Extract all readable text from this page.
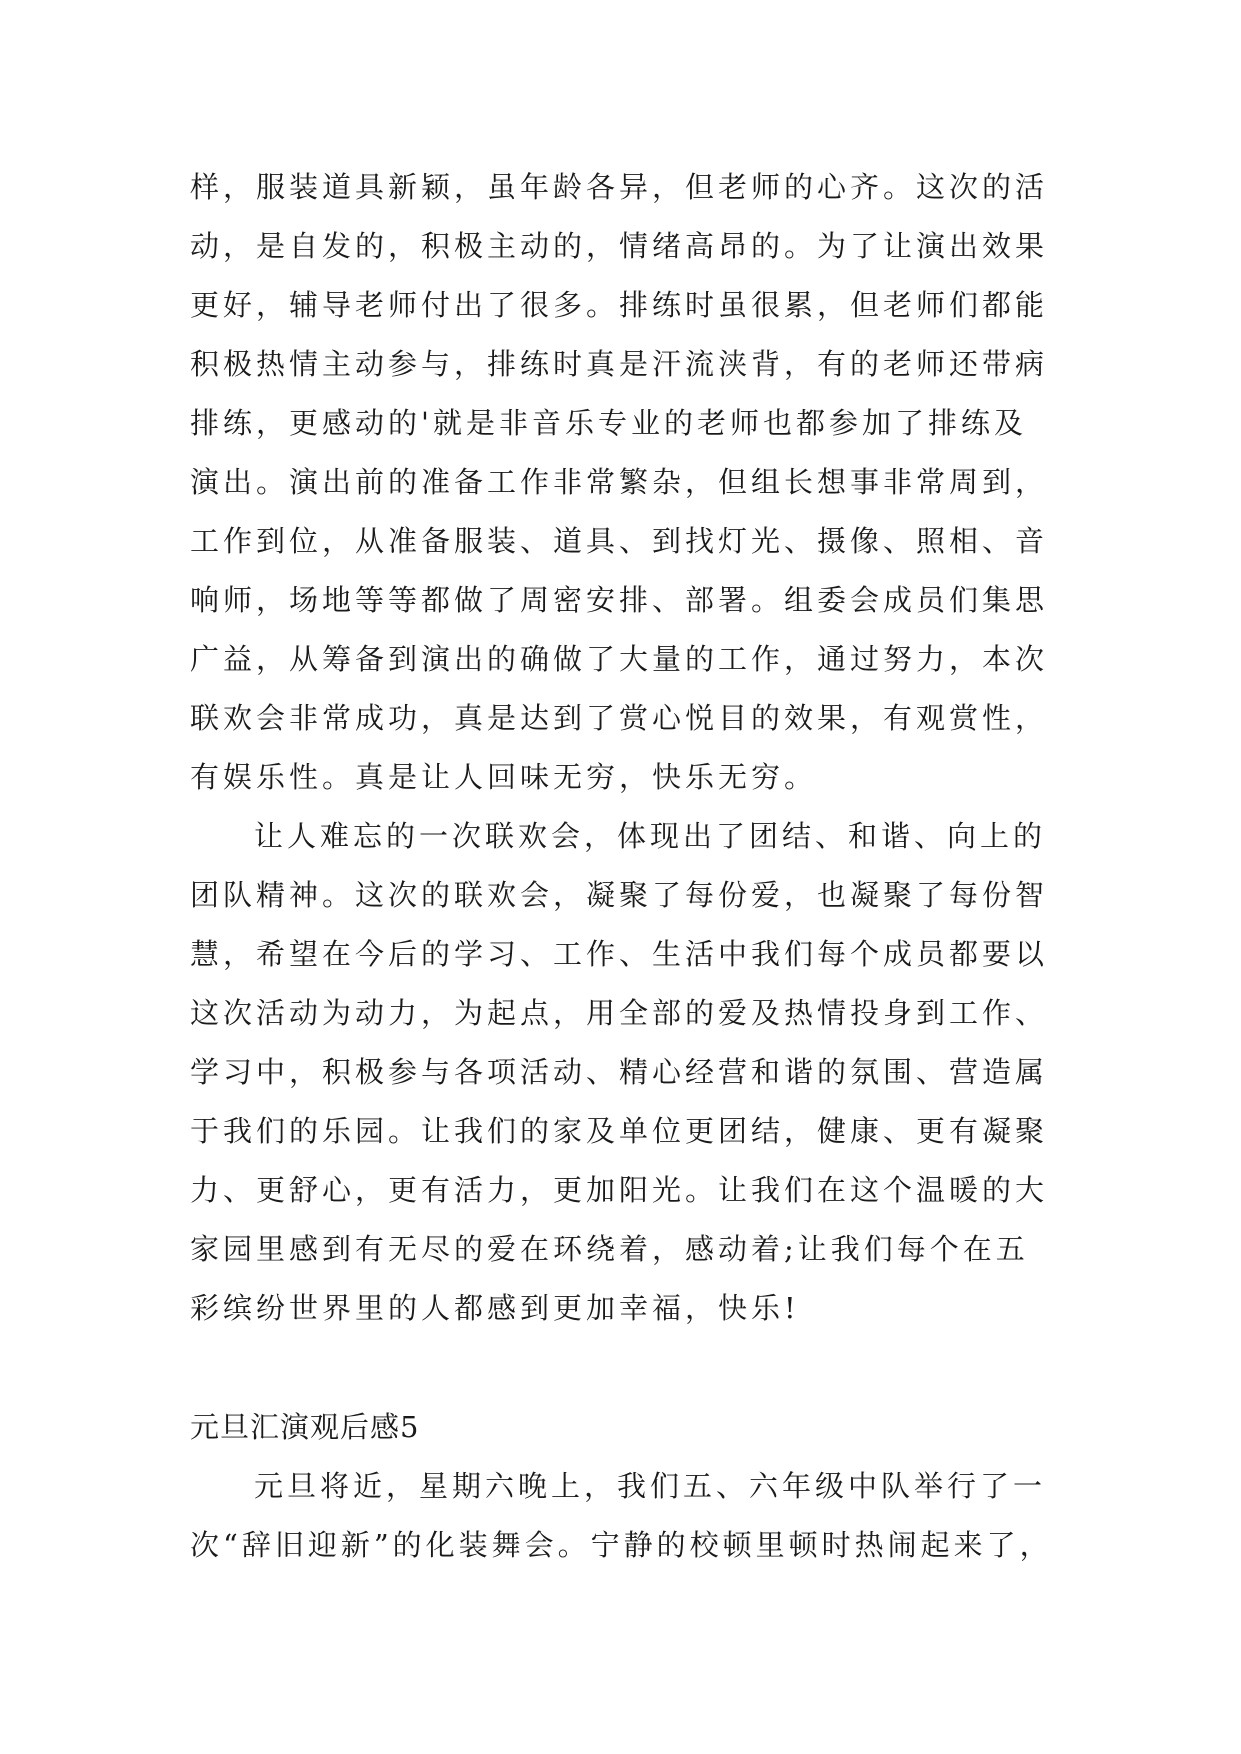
样，服装道具新颖，虽年龄各异，但老师的心齐。这次的活
动，是自发的，积极主动的，情绪高昂的。为了让演出效果
更好，辅导老师付出了很多。排练时虽很累，但老师们都能
积极热情主动参与，排练时真是汗流浃背，有的老师还带病
排练，更感动的'就是非音乐专业的老师也都参加了排练及
演出。演出前的准备工作非常繁杂，但组长想事非常周到，
工作到位，从准备服装、道具、到找灯光、摄像、照相、音
响师，场地等等都做了周密安排、部署。组委会成员们集思
广益，从筹备到演出的确做了大量的工作，通过努力，本次
联欢会非常成功，真是达到了赏心悦目的效果，有观赏性，
有娱乐性。真是让人回味无穷，快乐无穷。
让人难忘的一次联欢会，体现出了团结、和谐、向上的
团队精神。这次的联欢会，凝聚了每份爱，也凝聚了每份智
慧，希望在今后的学习、工作、生活中我们每个成员都要以
这次活动为动力，为起点，用全部的爱及热情投身到工作、
学习中，积极参与各项活动、精心经营和谐的氛围、营造属
于我们的乐园。让我们的家及单位更团结，健康、更有凝聚
力、更舒心，更有活力，更加阳光。让我们在这个温暖的大
家园里感到有无尽的爱在环绕着，感动着;让我们每个在五
彩缤纷世界里的人都感到更加幸福，快乐!
元旦汇演观后感5
元旦将近，星期六晚上，我们五、六年级中队举行了一
次“辞旧迎新”的化装舞会。宁静的校顿里顿时热闹起来了，
